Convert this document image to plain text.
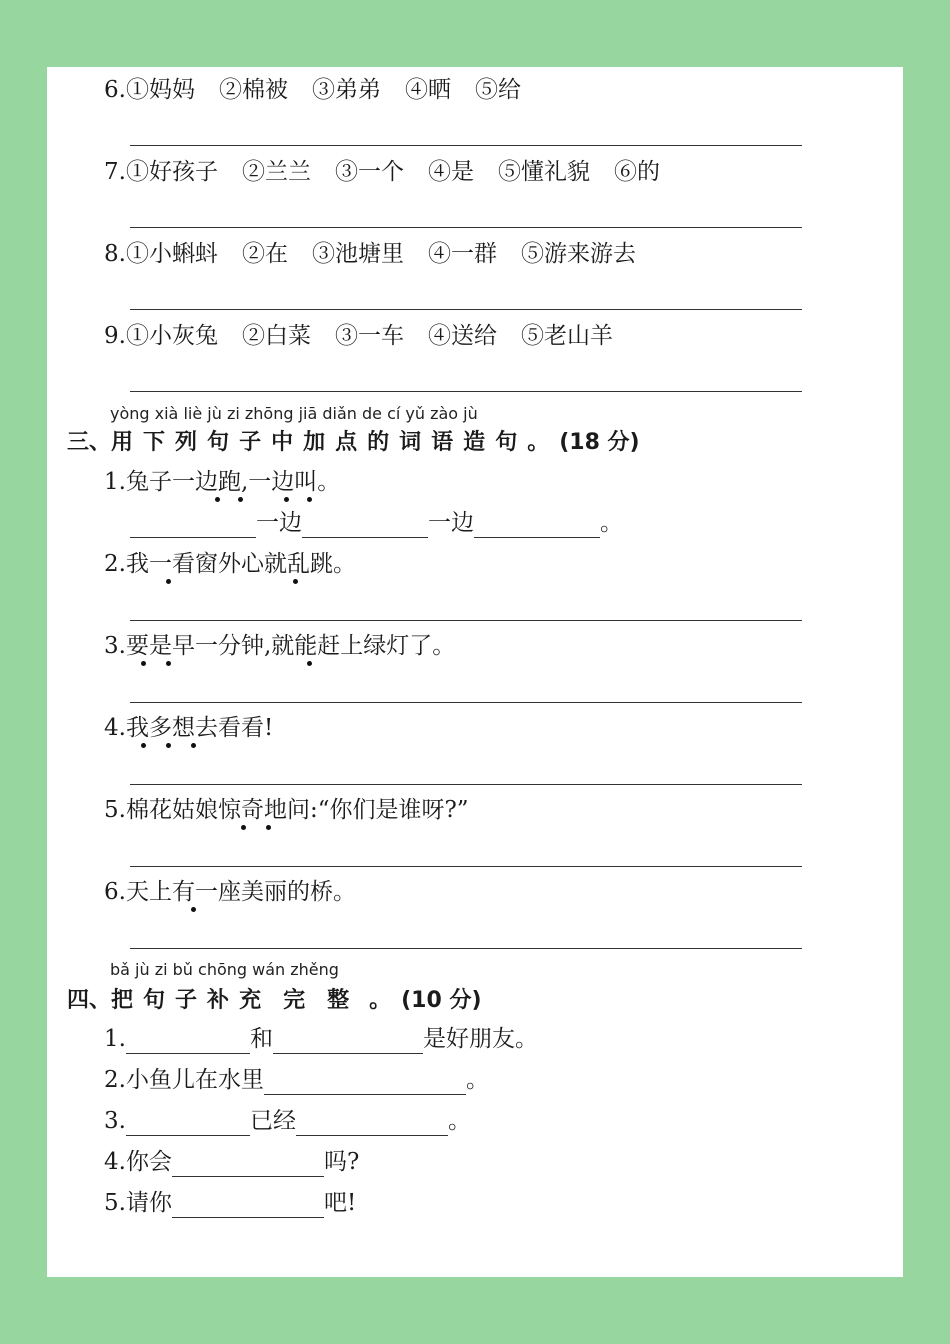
6.①妈妈 ②棉被 ③弟弟 ④晒 ⑤给
7.①好孩子 ②兰兰 ③一个 ④是 ⑤懂礼貌 ⑥的
8.①小蝌蚪 ②在 ③池塘里 ④一群 ⑤游来游去
9.①小灰兔 ②白菜 ③一车 ④送给 ⑤老山羊
yòng xià liè jù zi zhōng jiā diǎn de cí yǔ zào jù
三、用 下 列 句 子 中 加 点 的 词 语 造 句 。 (18 分)
1.兔子一边跑,一边叫。
一边	一边	。
2.我一看窗外心就乱跳。
3.要是早一分钟,就能赶上绿灯了。
4.我多想去看看!
5.棉花姑娘惊奇地问:“你们是谁呀?”
6.天上有一座美丽的桥。
bǎ jù zi bǔ chōng wán zhěng
四、把 句 子 补 充 完 整 。 (10 分)
1.	和	是好朋友。
2.小鱼儿在水里	。
3.	已经	。
4.你会	吗?
5.请你	吧!
